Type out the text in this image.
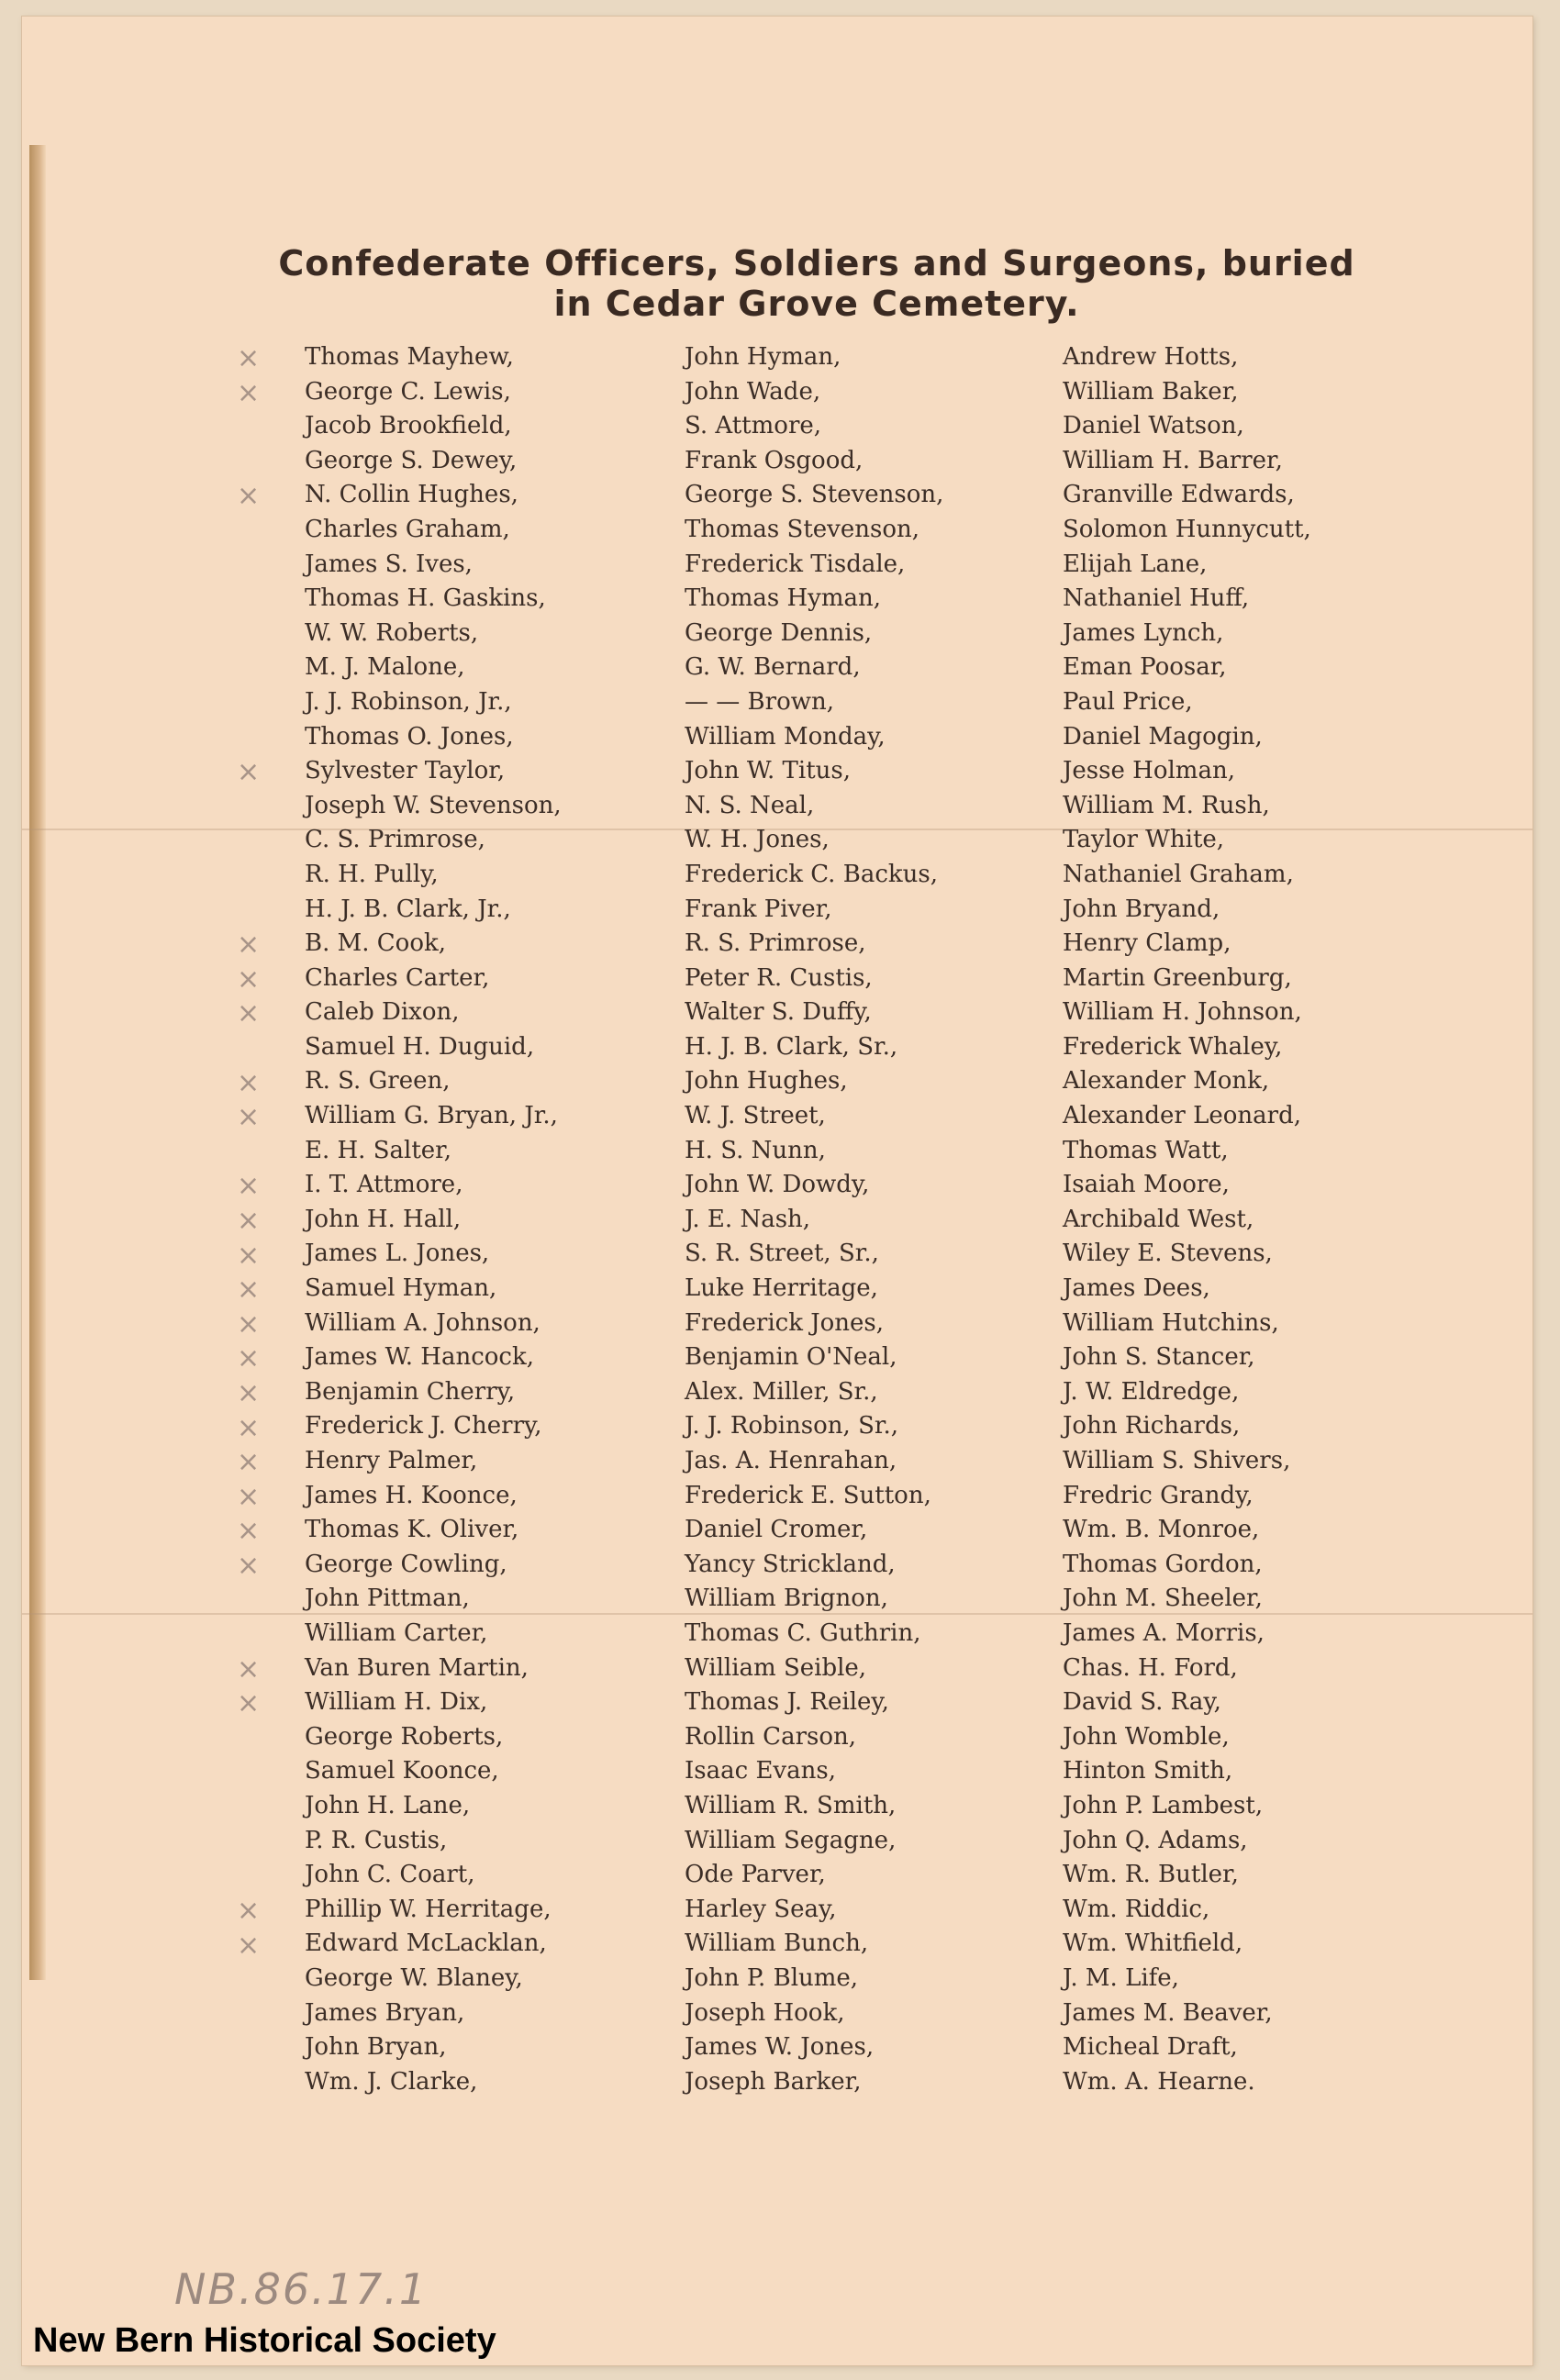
Confederate Officers, Soldiers and Surgeons, buried
in Cedar Grove Cemetery.
Thomas Mayhew,
George C. Lewis,
Jacob Brookfield,
George S. Dewey,
N. Collin Hughes,
Charles Graham,
James S. Ives,
Thomas H. Gaskins,
W. W. Roberts,
M. J. Malone,
J. J. Robinson, Jr.,
Thomas O. Jones,
Sylvester Taylor,
Joseph W. Stevenson,
C. S. Primrose,
R. H. Pully,
H. J. B. Clark, Jr.,
B. M. Cook,
Charles Carter,
Caleb Dixon,
Samuel H. Duguid,
R. S. Green,
William G. Bryan, Jr.,
E. H. Salter,
I. T. Attmore,
John H. Hall,
James L. Jones,
Samuel Hyman,
William A. Johnson,
James W. Hancock,
Benjamin Cherry,
Frederick J. Cherry,
Henry Palmer,
James H. Koonce,
Thomas K. Oliver,
George Cowling,
John Pittman,
William Carter,
Van Buren Martin,
William H. Dix,
George Roberts,
Samuel Koonce,
John H. Lane,
P. R. Custis,
John C. Coart,
Phillip W. Herritage,
Edward McLacklan,
George W. Blaney,
James Bryan,
John Bryan,
Wm. J. Clarke,
John Hyman,
John Wade,
S. Attmore,
Frank Osgood,
George S. Stevenson,
Thomas Stevenson,
Frederick Tisdale,
Thomas Hyman,
George Dennis,
G. W. Bernard,
— — Brown,
William Monday,
John W. Titus,
N. S. Neal,
W. H. Jones,
Frederick C. Backus,
Frank Piver,
R. S. Primrose,
Peter R. Custis,
Walter S. Duffy,
H. J. B. Clark, Sr.,
John Hughes,
W. J. Street,
H. S. Nunn,
John W. Dowdy,
J. E. Nash,
S. R. Street, Sr.,
Luke Herritage,
Frederick Jones,
Benjamin O'Neal,
Alex. Miller, Sr.,
J. J. Robinson, Sr.,
Jas. A. Henrahan,
Frederick E. Sutton,
Daniel Cromer,
Yancy Strickland,
William Brignon,
Thomas C. Guthrin,
William Seible,
Thomas J. Reiley,
Rollin Carson,
Isaac Evans,
William R. Smith,
William Segagne,
Ode Parver,
Harley Seay,
William Bunch,
John P. Blume,
Joseph Hook,
James W. Jones,
Joseph Barker,
Andrew Hotts,
William Baker,
Daniel Watson,
William H. Barrer,
Granville Edwards,
Solomon Hunnycutt,
Elijah Lane,
Nathaniel Huff,
James Lynch,
Eman Poosar,
Paul Price,
Daniel Magogin,
Jesse Holman,
William M. Rush,
Taylor White,
Nathaniel Graham,
John Bryand,
Henry Clamp,
Martin Greenburg,
William H. Johnson,
Frederick Whaley,
Alexander Monk,
Alexander Leonard,
Thomas Watt,
Isaiah Moore,
Archibald West,
Wiley E. Stevens,
James Dees,
William Hutchins,
John S. Stancer,
J. W. Eldredge,
John Richards,
William S. Shivers,
Fredric Grandy,
Wm. B. Monroe,
Thomas Gordon,
John M. Sheeler,
James A. Morris,
Chas. H. Ford,
David S. Ray,
John Womble,
Hinton Smith,
John P. Lambest,
John Q. Adams,
Wm. R. Butler,
Wm. Riddic,
Wm. Whitfield,
J. M. Life,
James M. Beaver,
Micheal Draft,
Wm. A. Hearne.
×
×
×
×
×
×
×
×
×
×
×
×
×
×
×
×
×
×
×
×
×
×
×
×
×
NB.86.17.1
New Bern Historical Society
